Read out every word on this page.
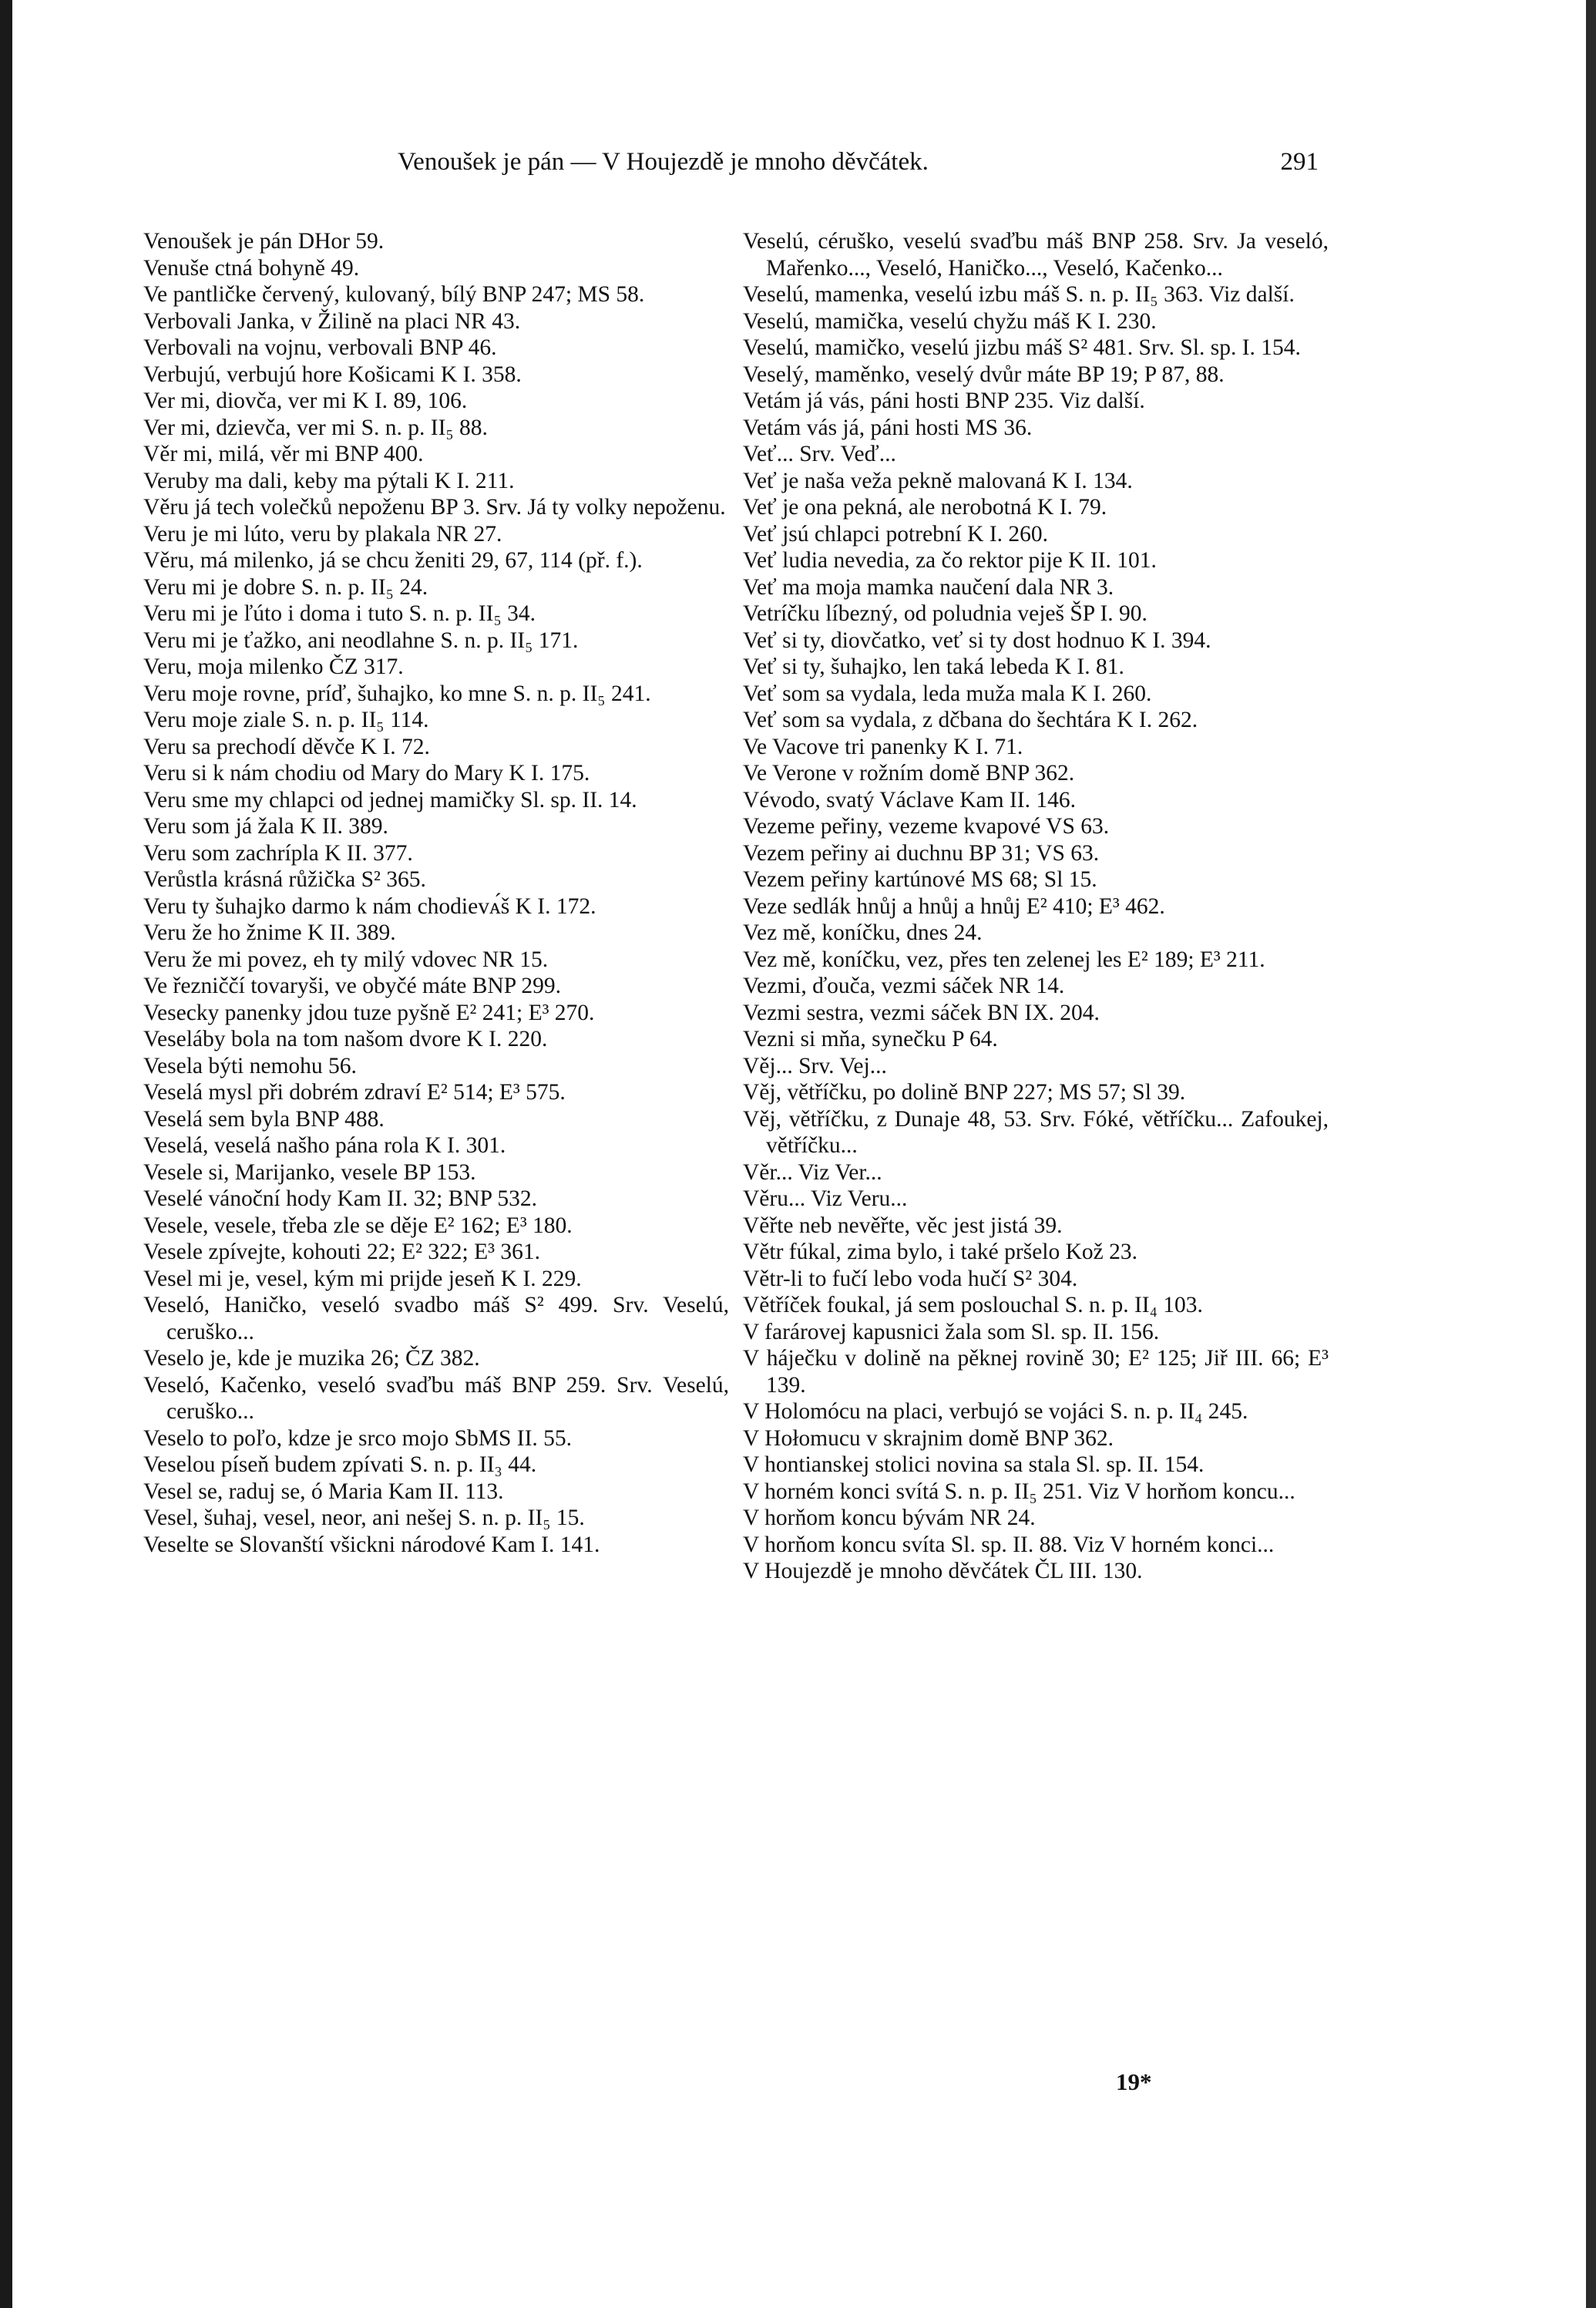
Venoušek je pán — V Houjezdě je mnoho děvčátek.	291

Venoušek je pán DHor 59.

Venuše ctná bohyně 49.

Ve pantličke červený, kulovaný, bílý BNP 247; MS 58.

Verbovali Janka, v Žilině na placi NR 43.

Verbovali na vojnu, verbovali BNP 46.

Verbujú, verbujú hore Košicami K I. 358.

Ver mi, diovča, ver mi K I. 89, 106.

Ver mi, dzievča, ver mi S. n. p. II₅ 88.

Věr mi, milá, věr mi BNP 400.

Veruby ma dali, keby ma pýtali K I. 211.

Věru já tech volečků nepoženu BP 3. Srv. Já ty volky nepoženu.

Veru je mi lúto, veru by plakala NR 27.

Věru, má milenko, já se chcu ženiti 29, 67, 114 (př. f.).

Veru mi je dobre S. n. p. II₅ 24.

Veru mi je ľúto i doma i tuto S. n. p. II₅ 34.

Veru mi je ťažko, ani neodlahne S. n. p. II₅ 171.

Veru, moja milenko ČZ 317.

Veru moje rovne, príď, šuhajko, ko mne S. n. p. II₅ 241.

Veru moje ziale S. n. p. II₅ 114.

Veru sa prechodí děvče K I. 72.

Veru si k nám chodiu od Mary do Mary K I. 175.

Veru sme my chlapci od jednej mamičky Sl. sp. II. 14.

Veru som já žala K II. 389.

Veru som zachrípla K II. 377.

Verůstla krásná růžička S² 365.

Veru ty šuhajko darmo k nám chodievᴀ́š K I. 172.

Veru že ho žnime K II. 389.

Veru že mi povez, eh ty milý vdovec NR 15.

Ve řezniččí tovaryši, ve obyčé máte BNP 299.

Vesecky panenky jdou tuze pyšně E² 241; E³ 270.

Veseláby bola na tom našom dvore K I. 220.

Vesela býti nemohu 56.

Veselá mysl při dobrém zdraví E² 514; E³ 575.

Veselá sem byla BNP 488.

Veselá, veselá našho pána rola K I. 301.

Vesele si, Marijanko, vesele BP 153.

Veselé vánoční hody Kam II. 32; BNP 532.

Vesele, vesele, třeba zle se děje E² 162; E³ 180.

Vesele zpívejte, kohouti 22; E² 322; E³ 361.

Vesel mi je, vesel, kým mi prijde jeseň K I. 229.

Veseló, Haničko, veseló svadbo máš S² 499. Srv. Veselú, ceruško...

Veselo je, kde je muzika 26; ČZ 382.

Veseló, Kačenko, veseló svaďbu máš BNP 259. Srv. Veselú, ceruško...

Veselo to poľo, kdze je srco mojo SbMS II. 55.

Veselou píseň budem zpívati S. n. p. II₃ 44.

Vesel se, raduj se, ó Maria Kam II. 113.

Vesel, šuhaj, vesel, neor, ani nešej S. n. p. II₅ 15.

Veselte se Slovanští všickni národové Kam I. 141.

Veselú, céruško, veselú svaďbu máš BNP 258. Srv. Ja veseló, Mařenko..., Veseló, Haničko..., Veseló, Kačenko...

Veselú, mamenka, veselú izbu máš S. n. p. II₅ 363. Viz další.

Veselú, mamička, veselú chyžu máš K I. 230.

Veselú, mamičko, veselú jizbu máš S² 481. Srv. Sl. sp. I. 154.

Veselý, maměnko, veselý dvůr máte BP 19; P 87, 88.

Vetám já vás, páni hosti BNP 235. Viz další.

Vetám vás já, páni hosti MS 36.

Veť... Srv. Veď...

Veť je naša veža pekně malovaná K I. 134.

Veť je ona pekná, ale nerobotná K I. 79.

Veť jsú chlapci potrební K I. 260.

Veť ludia nevedia, za čo rektor pije K II. 101.

Veť ma moja mamka naučení dala NR 3.

Vetríčku líbezný, od poludnia veješ ŠP I. 90.

Veť si ty, diovčatko, veť si ty dost hodnuo K I. 394.

Veť si ty, šuhajko, len taká lebeda K I. 81.

Veť som sa vydala, leda muža mala K I. 260.

Veť som sa vydala, z dčbana do šechtára K I. 262.

Ve Vacove tri panenky K I. 71.

Ve Verone v rožním domě BNP 362.

Vévodo, svatý Václave Kam II. 146.

Vezeme peřiny, vezeme kvapové VS 63.

Vezem peřiny ai duchnu BP 31; VS 63.

Vezem peřiny kartúnové MS 68; Sl 15.

Veze sedlák hnůj a hnůj a hnůj E² 410; E³ 462.

Vez mě, koníčku, dnes 24.

Vez mě, koníčku, vez, přes ten zelenej les E² 189; E³ 211.

Vezmi, ďouča, vezmi sáček NR 14.

Vezmi sestra, vezmi sáček BN IX. 204.

Vezni si mňa, synečku P 64.

Věj... Srv. Vej...

Věj, větříčku, po dolině BNP 227; MS 57; Sl 39.

Věj, větříčku, z Dunaje 48, 53. Srv. Fóké, větříčku... Zafoukej, větříčku...

Věr... Viz Ver...

Věru... Viz Veru...

Věřte neb nevěřte, věc jest jistá 39.

Větr fúkal, zima bylo, i také pršelo Kož 23.

Větr-li to fučí lebo voda hučí S² 304.

Větříček foukal, já sem poslouchal S. n. p. II₄ 103.

V farárovej kapusnici žala som Sl. sp. II. 156.

V háječku v dolině na pěknej rovině 30; E² 125; Jiř III. 66; E³ 139.

V Holomócu na placi, verbujó se vojáci S. n. p. II₄ 245.

V Hołomucu v skrajnim domě BNP 362.

V hontianskej stolici novina sa stala Sl. sp. II. 154.

V horném konci svítá S. n. p. II₅ 251. Viz V horňom koncu...

V horňom koncu bývám NR 24.

V horňom koncu svíta Sl. sp. II. 88. Viz V horném konci...

V Houjezdě je mnoho děvčátek ČL III. 130.

19*
